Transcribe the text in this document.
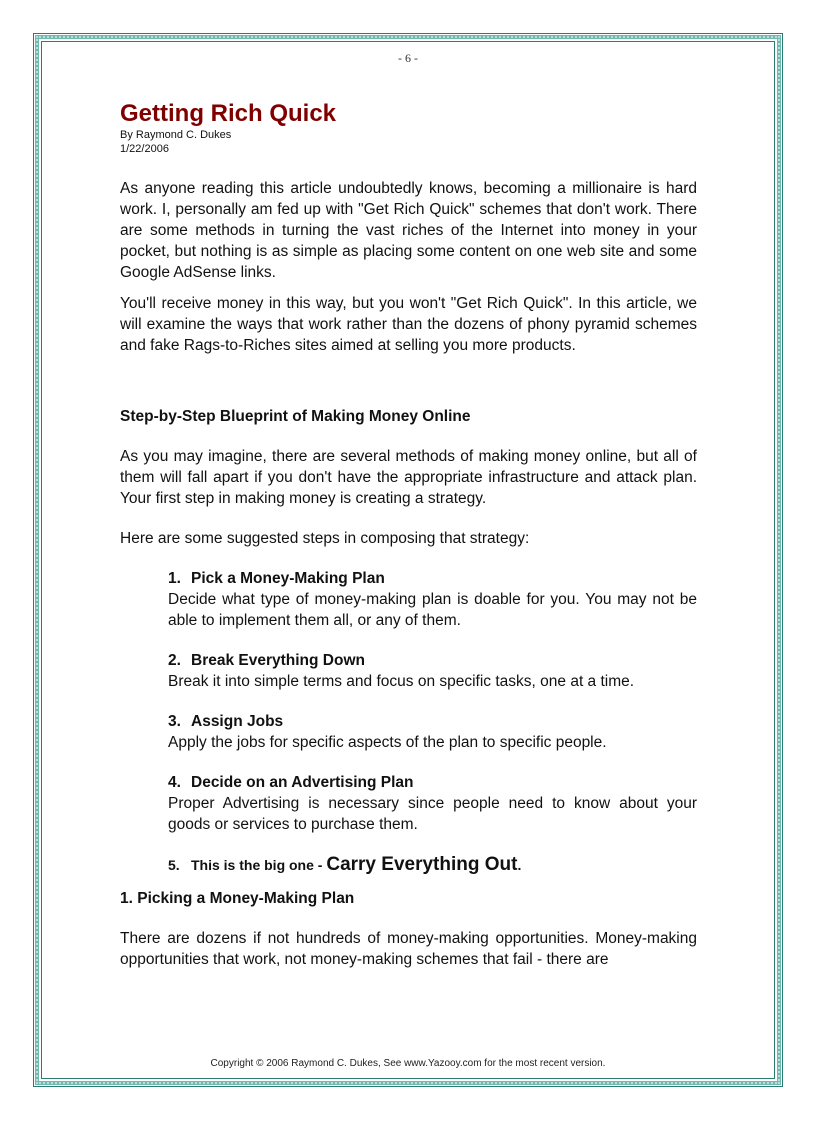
- 6 -
Getting Rich Quick

By Raymond C. Dukes

1/22/2006

As anyone reading this article undoubtedly knows, becoming a millionaire is hard work. I, personally am fed up with "Get Rich Quick" schemes that don't work. There are some methods in turning the vast riches of the Internet into money in your pocket, but nothing is as simple as placing some content on one web site and some Google AdSense links.

You'll receive money in this way, but you won't "Get Rich Quick". In this article, we will examine the ways that work rather than the dozens of phony pyramid schemes and fake Rags-to-Riches sites aimed at selling you more products.

Step-by-Step Blueprint of Making Money Online

As you may imagine, there are several methods of making money online, but all of them will fall apart if you don't have the appropriate infrastructure and attack plan. Your first step in making money is creating a strategy.

Here are some suggested steps in composing that strategy:

1. Pick a Money-Making Plan
Decide what type of money-making plan is doable for you. You may not be able to implement them all, or any of them.
2. Break Everything Down
Break it into simple terms and focus on specific tasks, one at a time.
3. Assign Jobs
Apply the jobs for specific aspects of the plan to specific people.
4. Decide on an Advertising Plan
Proper Advertising is necessary since people need to know about your goods or services to purchase them.
5. This is the big one - Carry Everything Out.
1. Picking a Money-Making Plan

There are dozens if not hundreds of money-making opportunities. Money-making opportunities that work, not money-making schemes that fail - there are

Copyright © 2006 Raymond C. Dukes, See www.Yazooy.com for the most recent version.
